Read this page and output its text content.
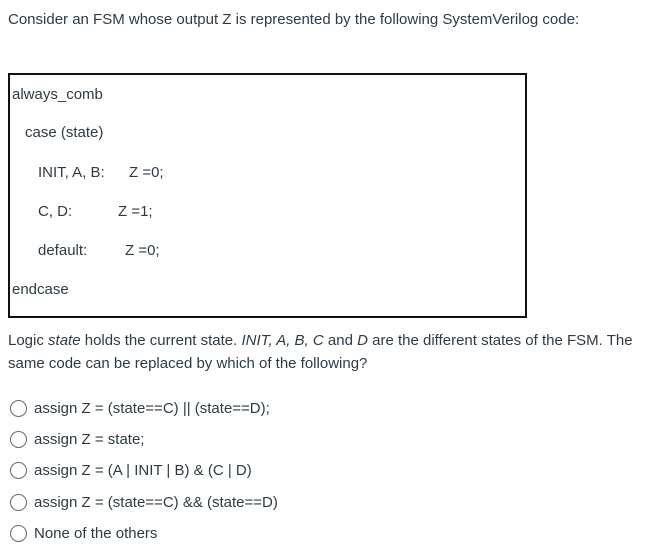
Consider an FSM whose output Z is represented by the following SystemVerilog code:

always_comb
case (state)
INIT, A, B: Z =0;
C, D:	Z =1;
default:	Z =0;
endcase

Logic state holds the current state. INIT, A, B, C and D are the different states of the FSM. The same code can be replaced by which of the following?

assign Z = (state==C) || (state==D);
assign Z = state;
assign Z = (A | INIT | B) & (C | D)
assign Z = (state==C) && (state==D)
None of the others
